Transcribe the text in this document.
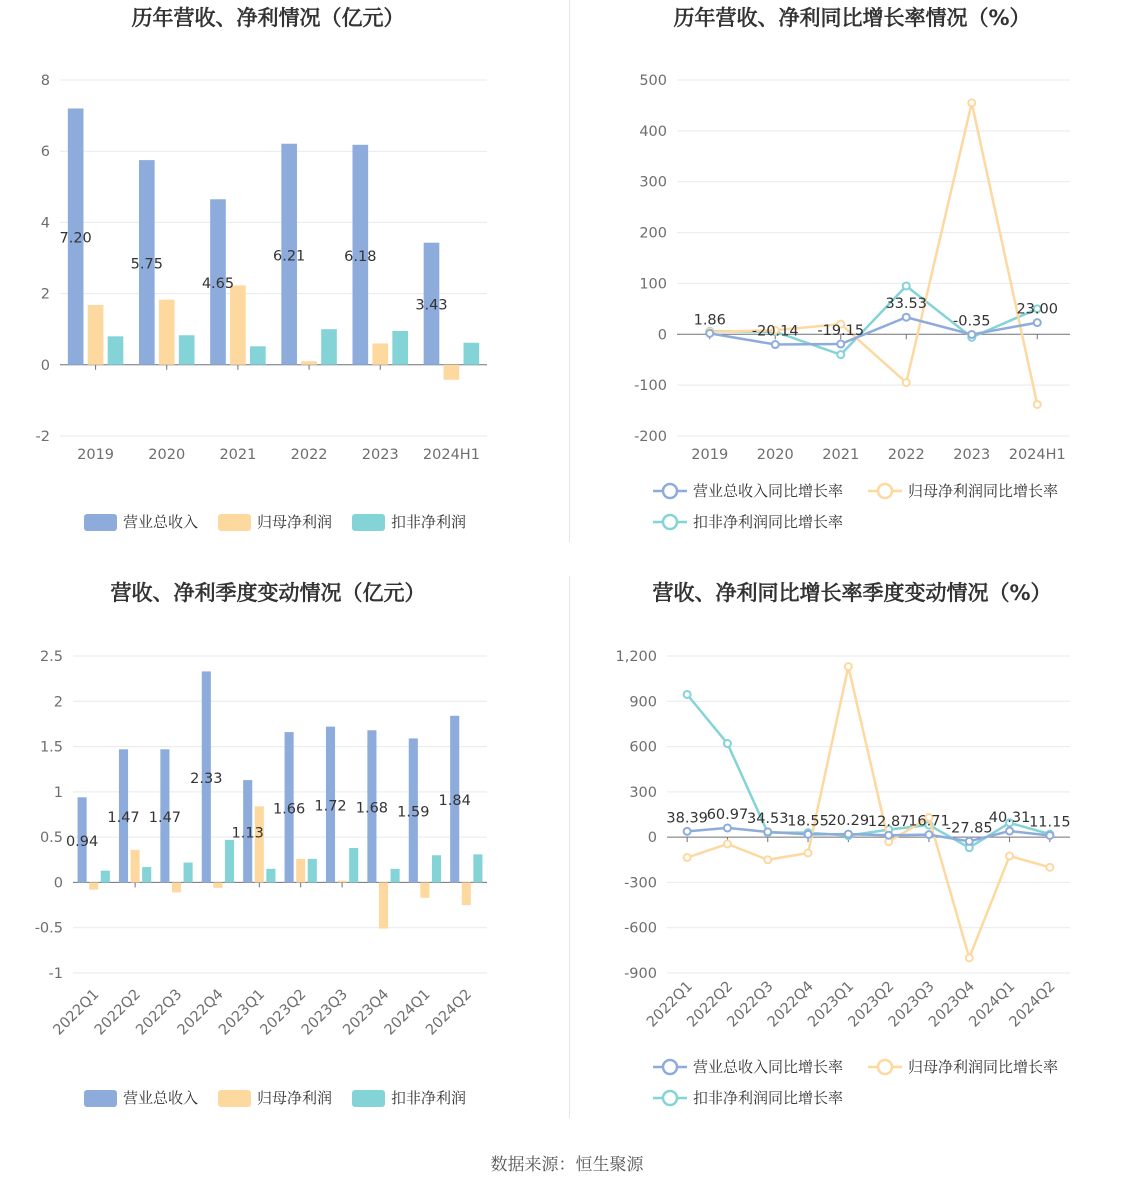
历年营收、净利情况（亿元）
8
6
4
2
0
-2
2019 2020 2021 2022 2023 2024H1
7.20
5.75
4.65
6.21	6.18
3.43
营业总收入	归母净利润	扣非净利润
历年营收、净利同比增长率情况（%）
500
400
300
200
100
0
-100
-200
2019 2020 2021 2022 2023 2024H1
1.86
-20.14 -19.15
33.53
-0.35
23.00
营业总收入同比增长率	归母净利润同比增长率
扣非净利润同比增长率
营收、净利季度变动情况（亿元）
2.5
2
1.5
1
0.5
0
-0.5
-1
2022Q1
2022Q2
2022Q3
2022Q4
2023Q1
2023Q2
2023Q3
2023Q4
2024Q1
2024Q2
0.94
1.47 1.47
2.33
1.13
1.66 1.72 1.68 1.59
1.84
营业总收入	归母净利润	扣非净利润
营收、净利同比增长率季度变动情况（%）
1,200
900
600
300
0
-300
-600
-900
2022Q1
2022Q2
2022Q3
2022Q4
2023Q1
2023Q2
2023Q3
2023Q4
2024Q1
2024Q2
38.39
60.97
34.53
18.55
20.29
12.87
16.71
-27.85
40.31
11.15
营业总收入同比增长率	归母净利润同比增长率
扣非净利润同比增长率
数据来源：恒生聚源
